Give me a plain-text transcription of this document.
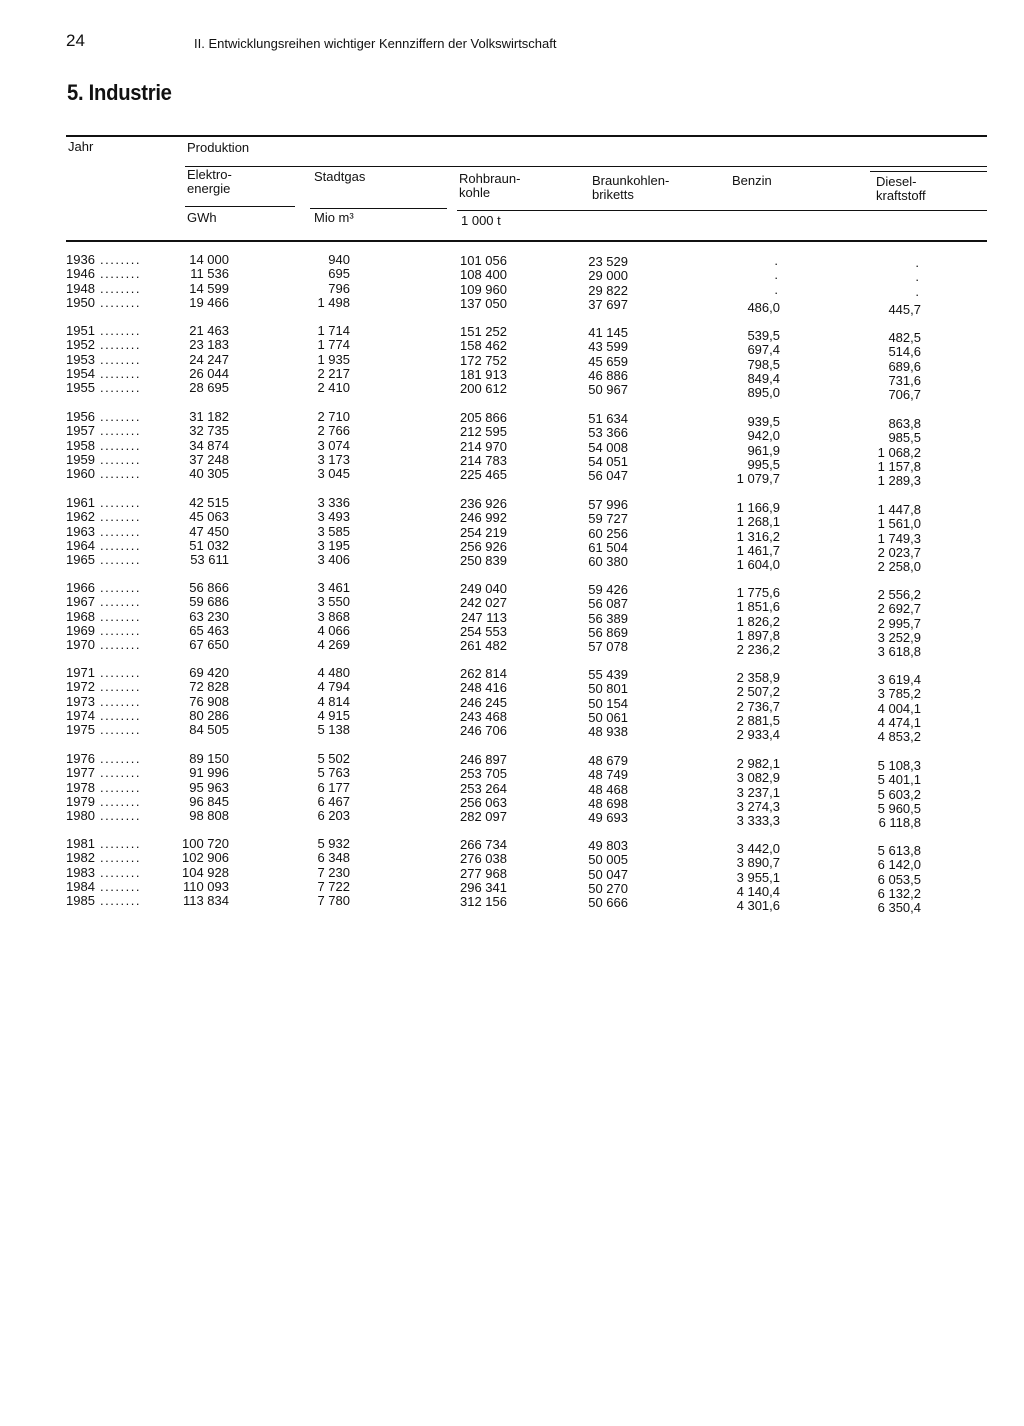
24	II. Entwicklungsreihen wichtiger Kennziffern der Volkswirtschaft
5. Industrie
Jahr	Produktion
Elektro-
energie
Stadtgas	Rohbraun-
kohle
Braunkohlen-
briketts
Benzin	Diesel-
kraftstoff
GWh	Mio m³	1 000 t
1936 ........	14 000	940	101 056	23 529	.	.
1946 ........	11 536	695	108 400	29 000	.	.
1948 ........	14 599	796	109 960	29 822	.	.
1950 ........	19 466	1 498	137 050	37 697	486,0	445,7
1951 ........	21 463	1 714	151 252	41 145	539,5	482,5
1952 ........	23 183	1 774	158 462	43 599	697,4	514,6
1953 ........	24 247	1 935	172 752	45 659	798,5	689,6
1954 ........	26 044	2 217	181 913	46 886	849,4	731,6
1955 ........	28 695	2 410	200 612	50 967	895,0	706,7
1956 ........	31 182	2 710	205 866	51 634	939,5	863,8
1957 ........	32 735	2 766	212 595	53 366	942,0	985,5
1958 ........	34 874	3 074	214 970	54 008	961,9	1 068,2
1959 ........	37 248	3 173	214 783	54 051	995,5	1 157,8
1960 ........	40 305	3 045	225 465	56 047	1 079,7	1 289,3
1961 ........	42 515	3 336	236 926	57 996	1 166,9	1 447,8
1962 ........	45 063	3 493	246 992	59 727	1 268,1	1 561,0
1963 ........	47 450	3 585	254 219	60 256	1 316,2	1 749,3
1964 ........	51 032	3 195	256 926	61 504	1 461,7	2 023,7
1965 ........	53 611	3 406	250 839	60 380	1 604,0	2 258,0
1966 ........	56 866	3 461	249 040	59 426	1 775,6	2 556,2
1967 ........	59 686	3 550	242 027	56 087	1 851,6	2 692,7
1968 ........	63 230	3 868	247 113	56 389	1 826,2	2 995,7
1969 ........	65 463	4 066	254 553	56 869	1 897,8	3 252,9
1970 ........	67 650	4 269	261 482	57 078	2 236,2	3 618,8
1971 ........	69 420	4 480	262 814	55 439	2 358,9	3 619,4
1972 ........	72 828	4 794	248 416	50 801	2 507,2	3 785,2
1973 ........	76 908	4 814	246 245	50 154	2 736,7	4 004,1
1974 ........	80 286	4 915	243 468	50 061	2 881,5	4 474,1
1975 ........	84 505	5 138	246 706	48 938	2 933,4	4 853,2
1976 ........	89 150	5 502	246 897	48 679	2 982,1	5 108,3
1977 ........	91 996	5 763	253 705	48 749	3 082,9	5 401,1
1978 ........	95 963	6 177	253 264	48 468	3 237,1	5 603,2
1979 ........	96 845	6 467	256 063	48 698	3 274,3	5 960,5
1980 ........	98 808	6 203	282 097	49 693	3 333,3	6 118,8
1981 ........	100 720	5 932	266 734	49 803	3 442,0	5 613,8
1982 ........	102 906	6 348	276 038	50 005	3 890,7	6 142,0
1983 ........	104 928	7 230	277 968	50 047	3 955,1	6 053,5
1984 ........	110 093	7 722	296 341	50 270	4 140,4	6 132,2
1985 ........	113 834	7 780	312 156	50 666	4 301,6	6 350,4
